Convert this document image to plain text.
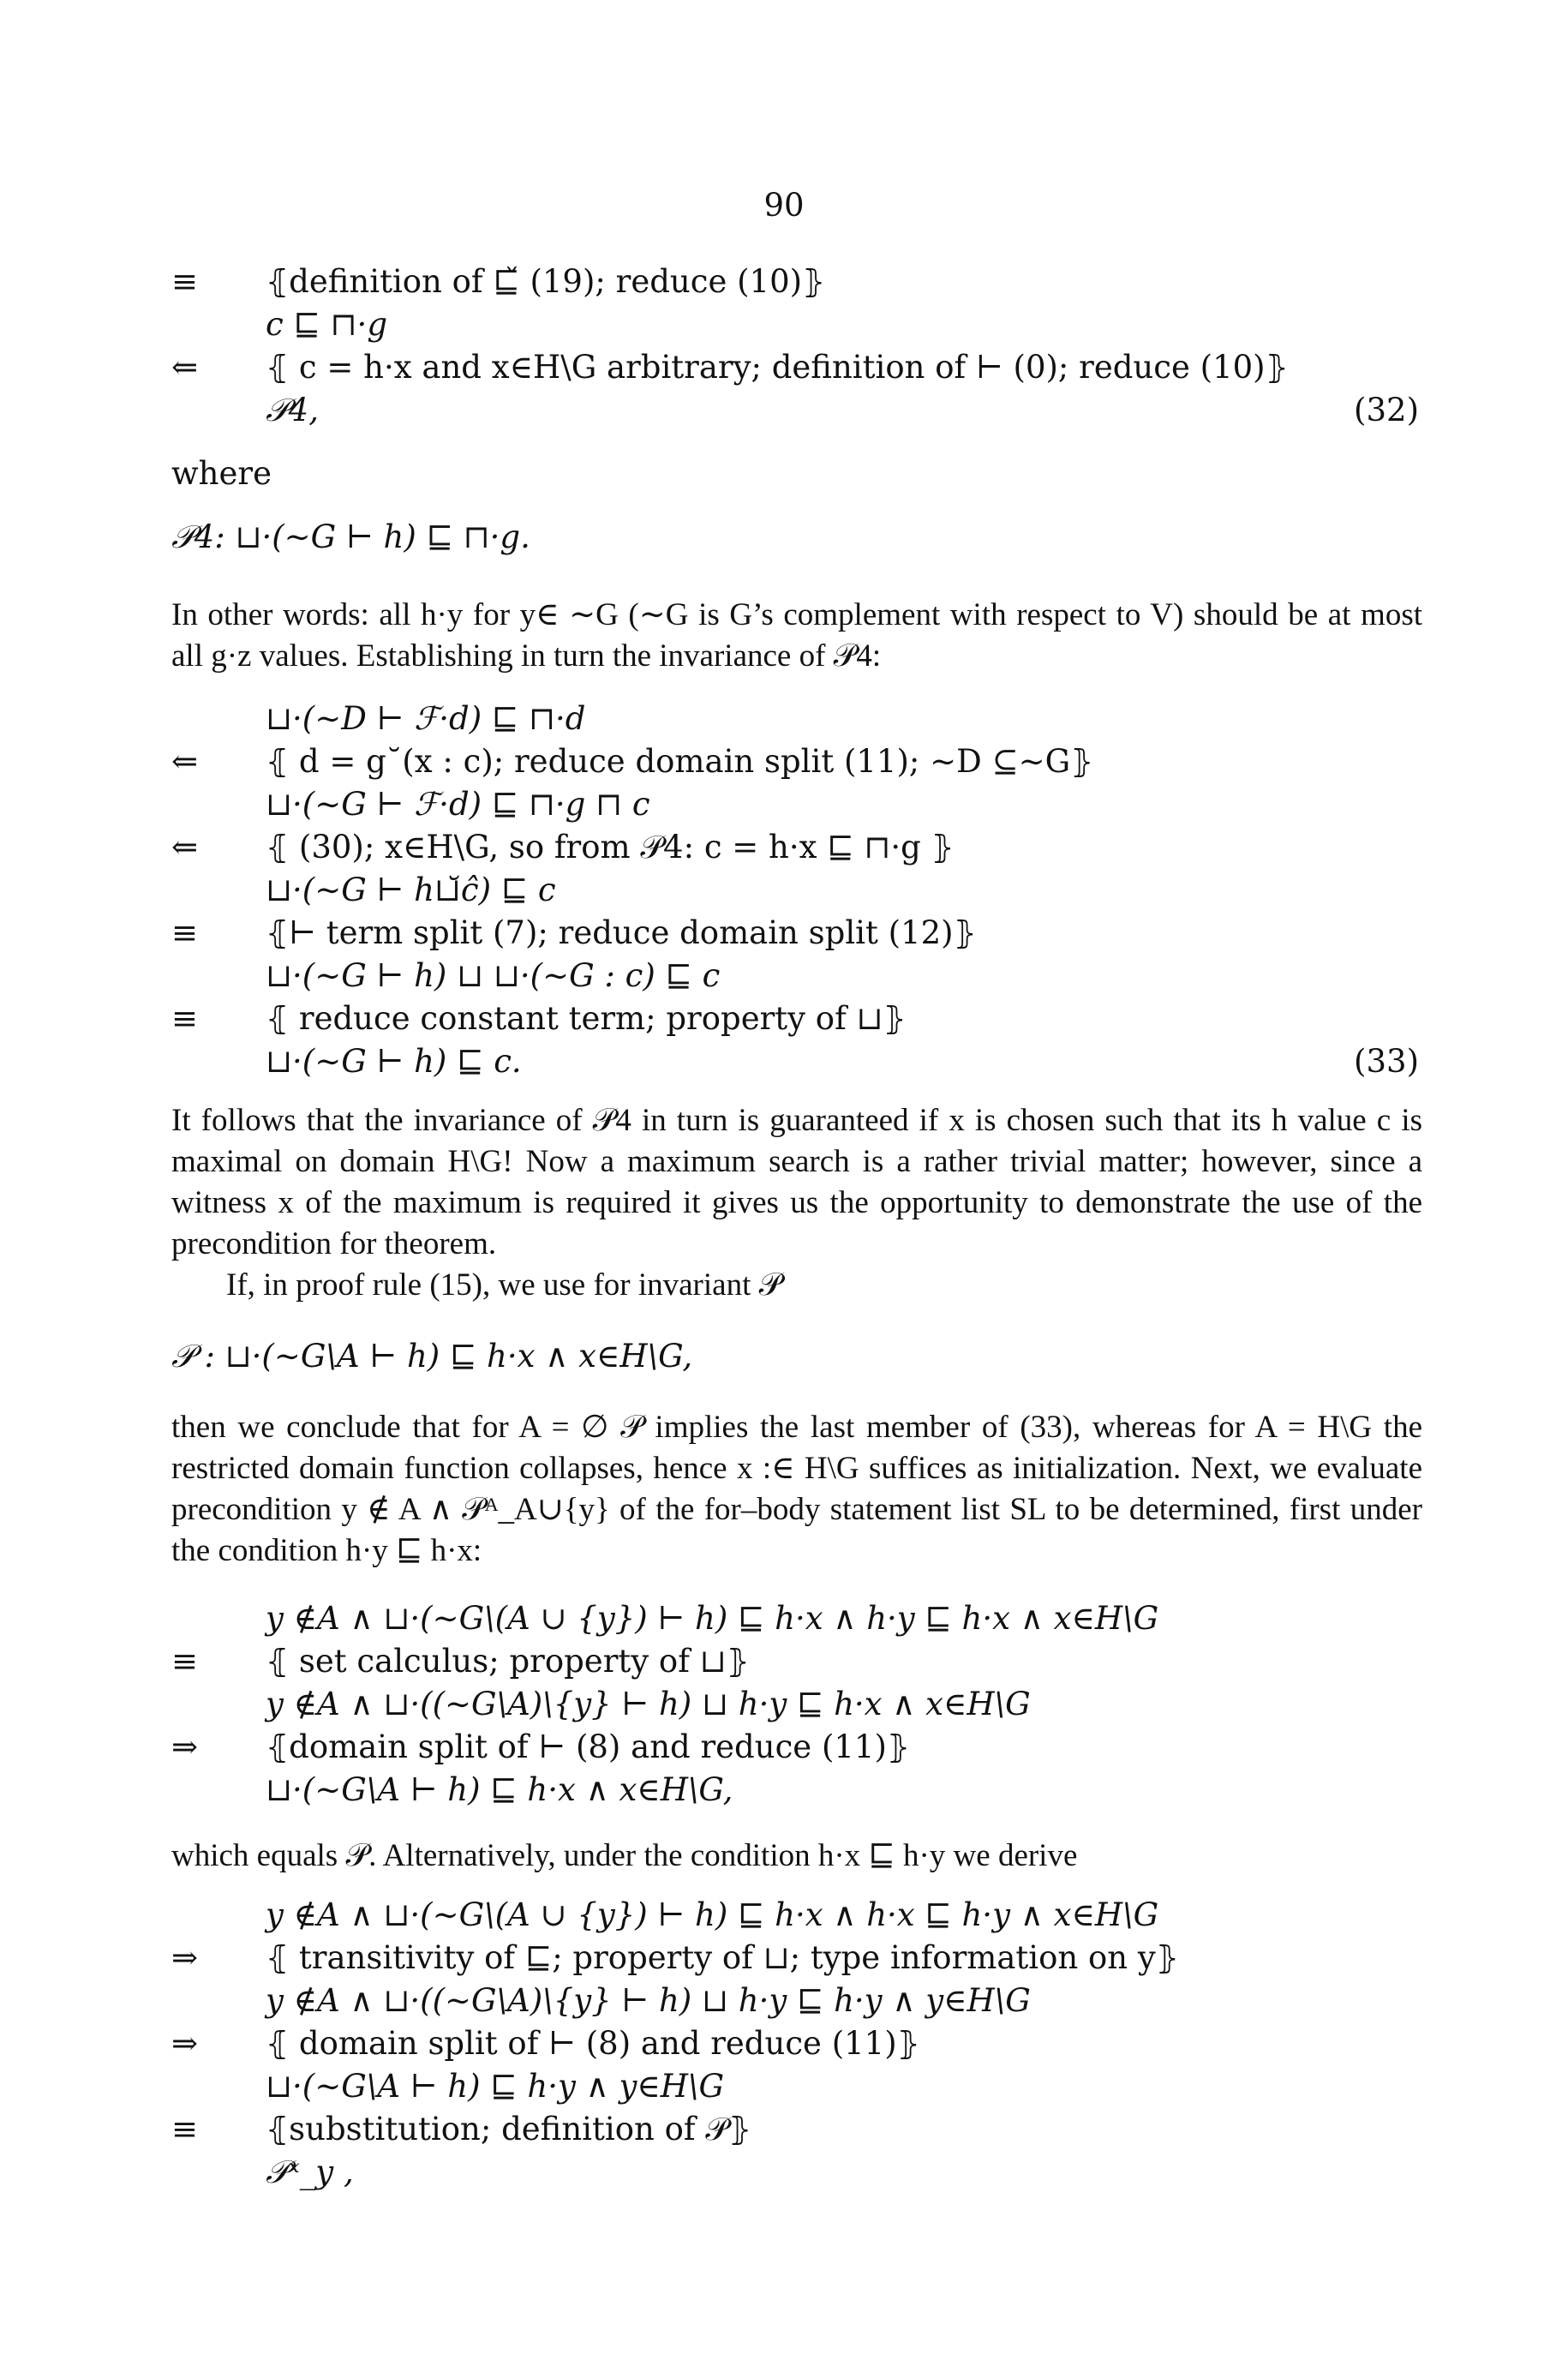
90
≡	⦃definition of ⊑̌ (19); reduce (10)⦄
c ⊑ ⊓·g
⇐	⦃ c = h·x and x∈H\G arbitrary; definition of ⊢ (0); reduce (10)⦄
𝒫4,	(32)
where
𝒫4: ⊔·(∼G ⊢ h) ⊑ ⊓·g.
In other words: all h·y for y∈ ∼G (∼G is G’s complement with respect to V) should be at most all g·z values. Establishing in turn the invariance of 𝒫4:
⊔·(∼D ⊢ ℱ·d) ⊑ ⊓·d
⇐	⦃ d = g˘(x : c); reduce domain split (11); ∼D ⊆∼G⦄
⊔·(∼G ⊢ ℱ·d) ⊑ ⊓·g ⊓ c
⇐	⦃ (30); x∈H\G, so from 𝒫4: c = h·x ⊑ ⊓·g ⦄
⊔·(∼G ⊢ h⊔̆ĉ) ⊑ c
≡	⦃⊢ term split (7); reduce domain split (12)⦄
⊔·(∼G ⊢ h) ⊔ ⊔·(∼G : c) ⊑ c
≡	⦃ reduce constant term; property of ⊔⦄
⊔·(∼G ⊢ h) ⊑ c.	(33)
It follows that the invariance of 𝒫4 in turn is guaranteed if x is chosen such that its h value c is maximal on domain H\G! Now a maximum search is a rather trivial matter; however, since a witness x of the maximum is required it gives us the opportunity to demonstrate the use of the precondition for theorem.
If, in proof rule (15), we use for invariant 𝒫
𝒫 : ⊔·(∼G\A ⊢ h) ⊑ h·x ∧ x∈H\G,
then we conclude that for A = ∅ 𝒫 implies the last member of (33), whereas for A = H\G the restricted domain function collapses, hence x :∈ H\G suffices as initialization. Next, we evaluate precondition y ∉ A ∧ 𝒫ᴬ_A∪{y} of the for–body statement list SL to be determined, first under the condition h·y ⊑ h·x:
y ∉A ∧ ⊔·(∼G\(A ∪ {y}) ⊢ h) ⊑ h·x ∧ h·y ⊑ h·x ∧ x∈H\G
≡	⦃ set calculus; property of ⊔⦄
y ∉A ∧ ⊔·((∼G\A)\{y} ⊢ h) ⊔ h·y ⊑ h·x ∧ x∈H\G
⇒	⦃domain split of ⊢ (8) and reduce (11)⦄
⊔·(∼G\A ⊢ h) ⊑ h·x ∧ x∈H\G,
which equals 𝒫. Alternatively, under the condition h·x ⊑ h·y we derive
y ∉A ∧ ⊔·(∼G\(A ∪ {y}) ⊢ h) ⊑ h·x ∧ h·x ⊑ h·y ∧ x∈H\G
⇒	⦃ transitivity of ⊑; property of ⊔; type information on y⦄
y ∉A ∧ ⊔·((∼G\A)\{y} ⊢ h) ⊔ h·y ⊑ h·y ∧ y∈H\G
⇒	⦃ domain split of ⊢ (8) and reduce (11)⦄
⊔·(∼G\A ⊢ h) ⊑ h·y ∧ y∈H\G
≡	⦃substitution; definition of 𝒫⦄
𝒫ˣ_y ,
